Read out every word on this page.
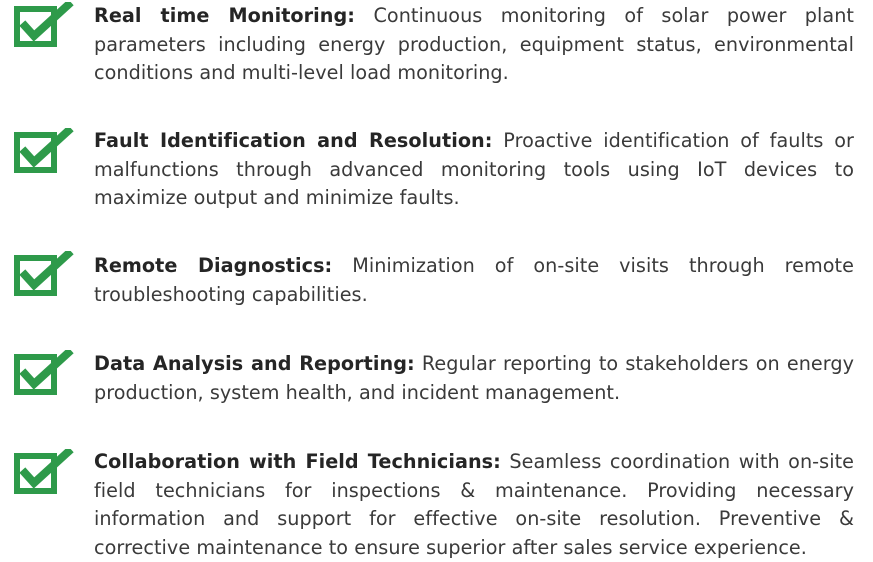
Real time Monitoring: Continuous monitoring of solar power plant parameters including energy production, equipment status, environmental conditions and multi-level load monitoring.
Fault Identification and Resolution: Proactive identification of faults or malfunctions through advanced monitoring tools using IoT devices to maximize output and minimize faults.
Remote Diagnostics: Minimization of on-site visits through remote troubleshooting capabilities.
Data Analysis and Reporting: Regular reporting to stakeholders on energy production, system health, and incident management.
Collaboration with Field Technicians: Seamless coordination with on-site field technicians for inspections & maintenance. Providing necessary information and support for effective on-site resolution. Preventive & corrective maintenance to ensure superior after sales service experience.
